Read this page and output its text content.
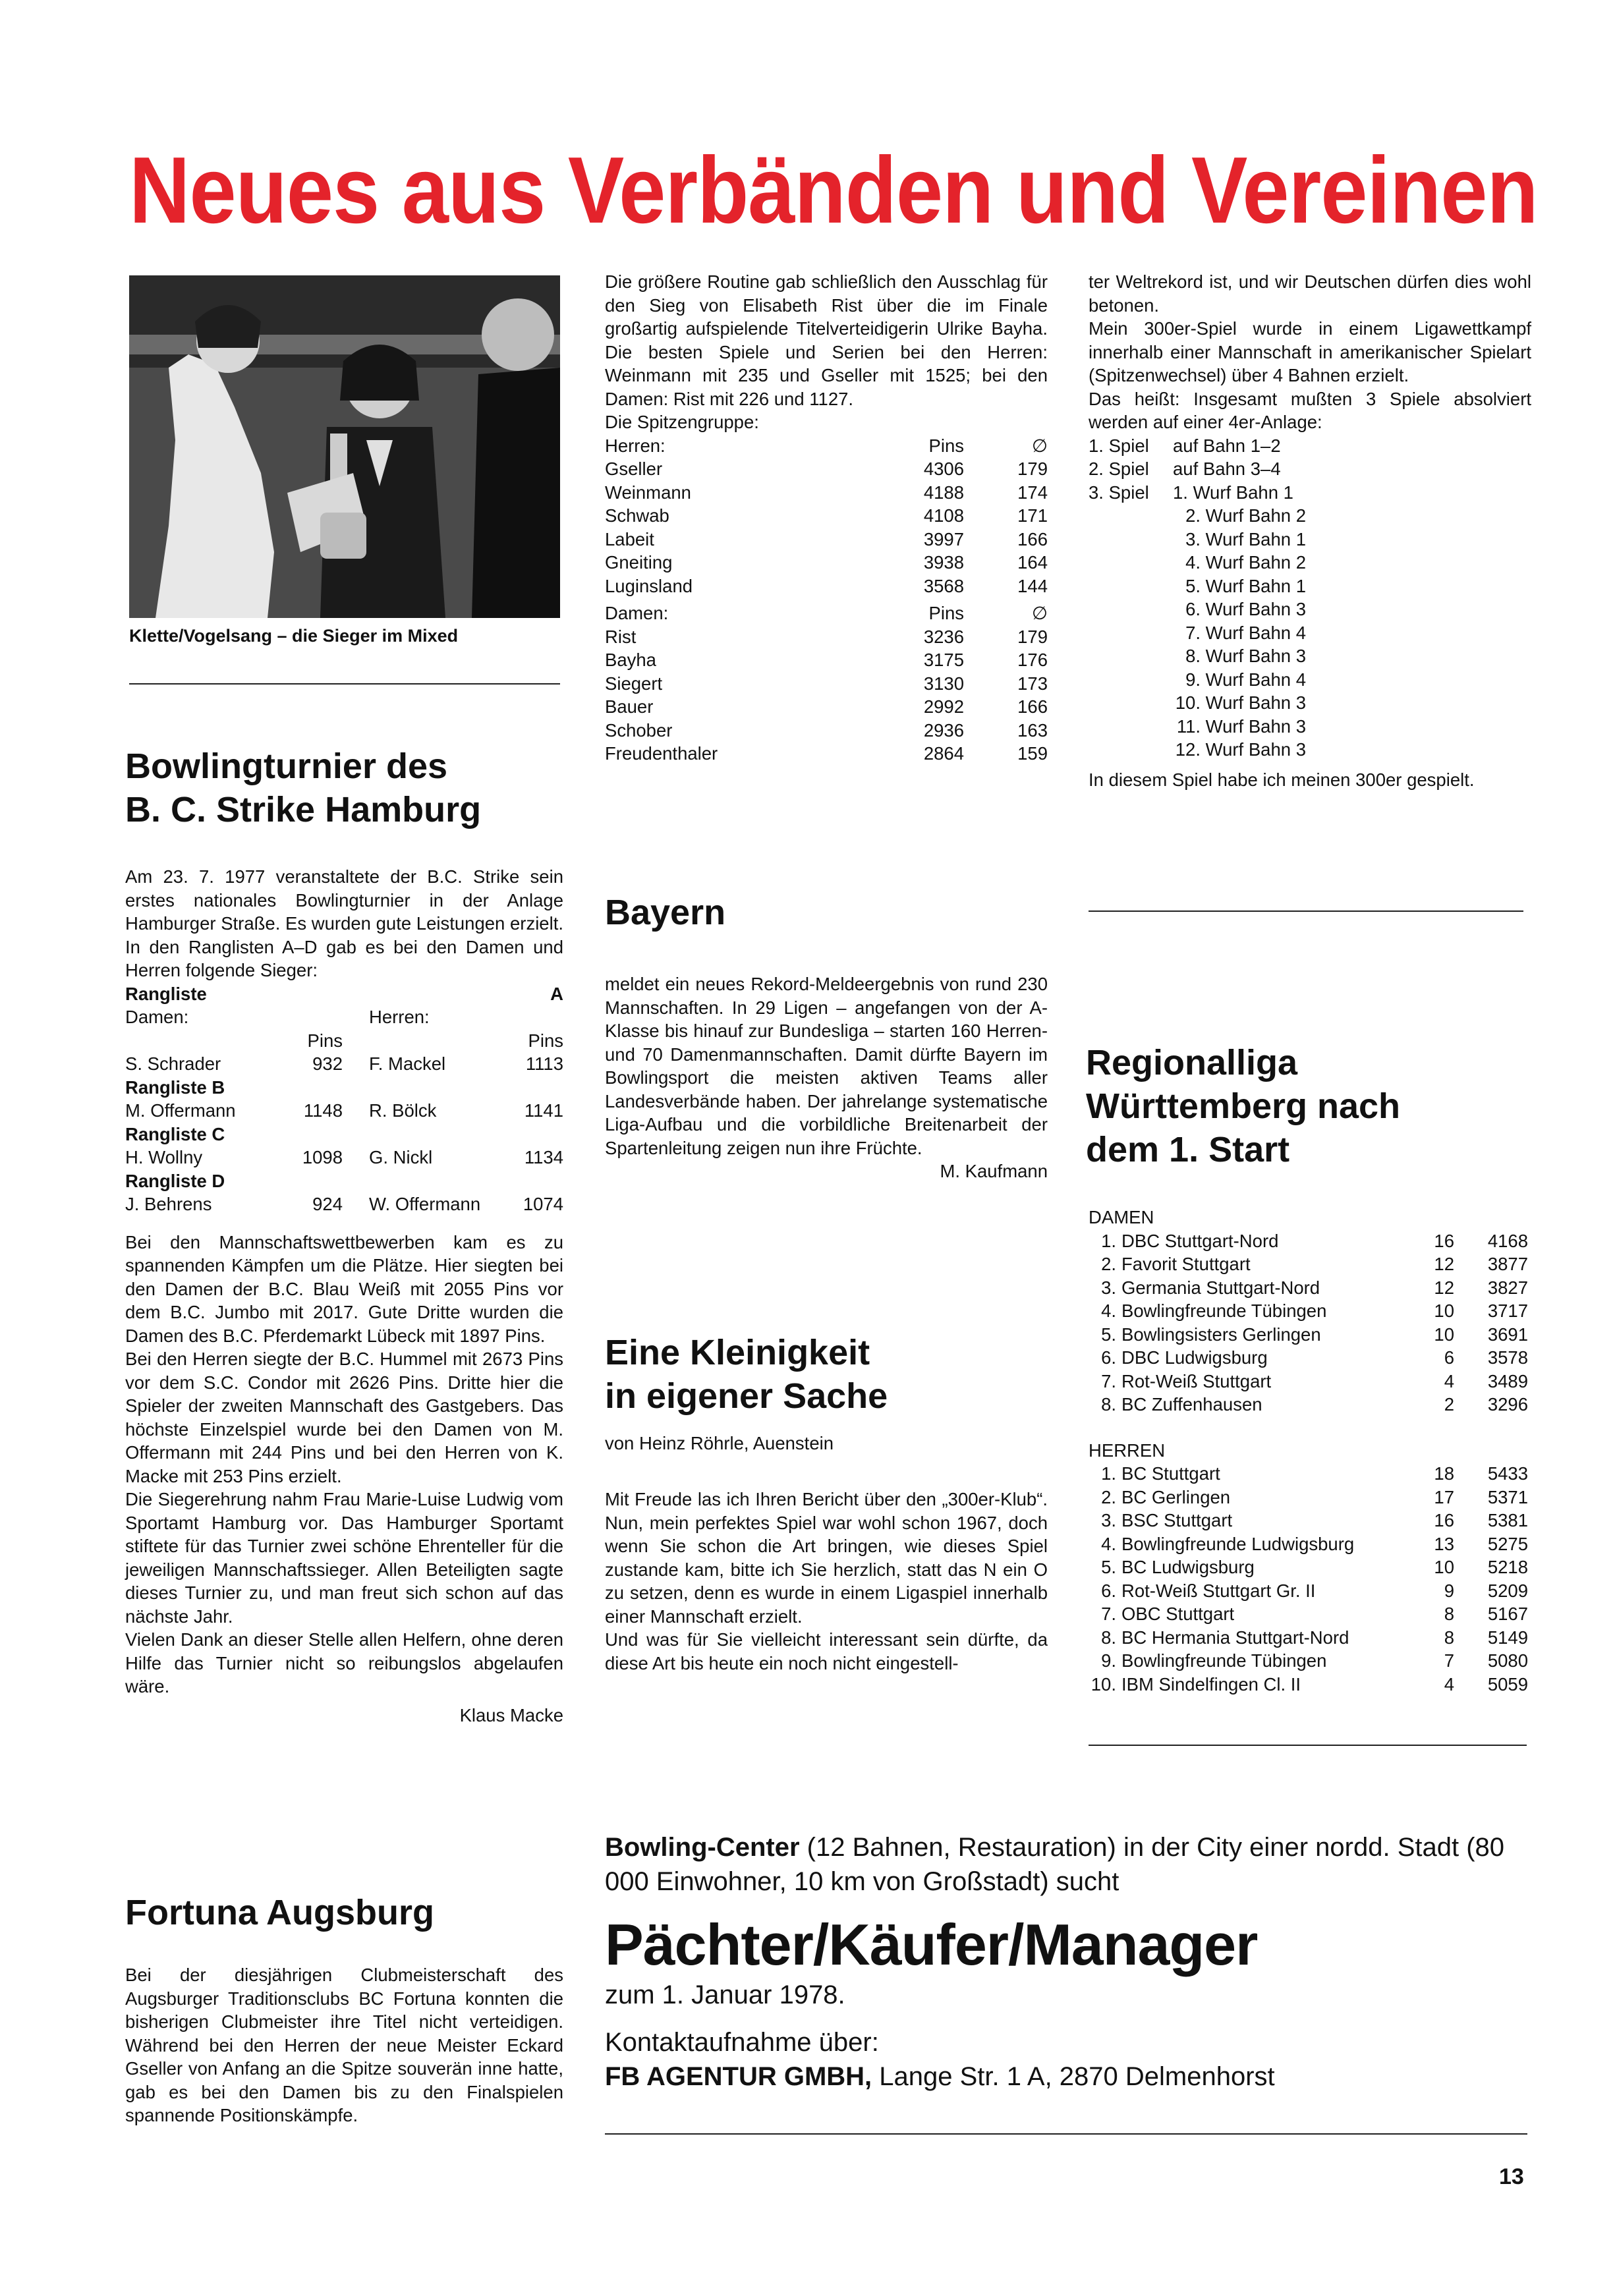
Neues aus Verbänden und Vereinen
Klette/Vogelsang – die Sieger im Mixed
Bowlingturnier des
B. C. Strike Hamburg

Am 23. 7. 1977 veranstaltete der B.C. Strike sein erstes nationales Bowlingturnier in der Anlage Hamburger Straße. Es wurden gute Leistungen erzielt. In den Ranglisten A–D gab es bei den Damen und Herren folgende Sieger:

Rangliste	A
Damen:	Herren:
Pins	Pins
S. Schrader	932 F. Mackel	1113
Rangliste B
M. Offermann	1148 R. Bölck	1141
Rangliste C
H. Wollny	1098 G. Nickl	1134
Rangliste D
J. Behrens	924 W. Offermann	1074

Bei den Mannschaftswettbewerben kam es zu spannenden Kämpfen um die Plätze. Hier siegten bei den Damen der B.C. Blau Weiß mit 2055 Pins vor dem B.C. Jumbo mit 2017. Gute Dritte wurden die Damen des B.C. Pferdemarkt Lübeck mit 1897 Pins.

Bei den Herren siegte der B.C. Hummel mit 2673 Pins vor dem S.C. Condor mit 2626 Pins. Dritte hier die Spieler der zweiten Mannschaft des Gastgebers. Das höchste Einzelspiel wurde bei den Damen von M. Offermann mit 244 Pins und bei den Herren von K. Macke mit 253 Pins erzielt.

Die Siegerehrung nahm Frau Marie-Luise Ludwig vom Sportamt Hamburg vor. Das Hamburger Sportamt stiftete für das Turnier zwei schöne Ehrenteller für die jeweiligen Mannschaftssieger. Allen Beteiligten sagte dieses Turnier zu, und man freut sich schon auf das nächste Jahr.

Vielen Dank an dieser Stelle allen Helfern, ohne deren Hilfe das Turnier nicht so reibungslos abgelaufen wäre.

Klaus Macke

Fortuna Augsburg

Bei der diesjährigen Clubmeisterschaft des Augsburger Traditionsclubs BC Fortuna konnten die bisherigen Clubmeister ihre Titel nicht verteidigen. Während bei den Herren der neue Meister Eckard Gseller von Anfang an die Spitze souverän inne hatte, gab es bei den Damen bis zu den Finalspielen spannende Positionskämpfe.

Die größere Routine gab schließlich den Ausschlag für den Sieg von Elisabeth Rist über die im Finale großartig aufspielende Titelverteidigerin Ulrike Bayha. Die besten Spiele und Serien bei den Herren: Weinmann mit 235 und Gseller mit 1525; bei den Damen: Rist mit 226 und 1127.

Die Spitzengruppe:

Herren:	Pins	∅
Gseller	4306	179
Weinmann	4188	174
Schwab	4108	171
Labeit	3997	166
Gneiting	3938	164
Luginsland	3568	144
Damen:	Pins	∅
Rist	3236	179
Bayha	3175	176
Siegert	3130	173
Bauer	2992	166
Schober	2936	163
Freudenthaler	2864	159
Bayern

meldet ein neues Rekord-Meldeergebnis von rund 230 Mannschaften. In 29 Ligen – angefangen von der A-Klasse bis hinauf zur Bundesliga – starten 160 Herren- und 70 Damenmannschaften. Damit dürfte Bayern im Bowlingsport die meisten aktiven Teams aller Landesverbände haben. Der jahrelange systematische Liga-Aufbau und die vorbildliche Breitenarbeit der Spartenleitung zeigen nun ihre Früchte.

M. Kaufmann

Eine Kleinigkeit
in eigener Sache
von Heinz Röhrle, Auenstein

Mit Freude las ich Ihren Bericht über den „300er-Klub“. Nun, mein perfektes Spiel war wohl schon 1967, doch wenn Sie schon die Art bringen, wie dieses Spiel zustande kam, bitte ich Sie herzlich, statt das N ein O zu setzen, denn es wurde in einem Ligaspiel innerhalb einer Mannschaft erzielt.

Und was für Sie vielleicht interessant sein dürfte, da diese Art bis heute ein noch nicht eingestell-

ter Weltrekord ist, und wir Deutschen dürfen dies wohl betonen.

Mein 300er-Spiel wurde in einem Ligawettkampf innerhalb einer Mannschaft in amerikanischer Spielart (Spitzenwechsel) über 4 Bahnen erzielt.

Das heißt: Insgesamt mußten 3 Spiele absolviert werden auf einer 4er-Anlage:

1. Spiel	auf Bahn 1–2
2. Spiel	auf Bahn 3–4
3. Spiel	1. Wurf Bahn 1
2. Wurf Bahn 2
3. Wurf Bahn 1
4. Wurf Bahn 2
5. Wurf Bahn 1
6. Wurf Bahn 3
7. Wurf Bahn 4
8. Wurf Bahn 3
9. Wurf Bahn 4
10. Wurf Bahn 3
11. Wurf Bahn 3
12. Wurf Bahn 3

In diesem Spiel habe ich meinen 300er gespielt.

Regionalliga
Württemberg nach
dem 1. Start
DAMEN
1. DBC Stuttgart-Nord	16	4168
2. Favorit Stuttgart	12	3877
3. Germania Stuttgart-Nord	12	3827
4. Bowlingfreunde Tübingen	10	3717
5. Bowlingsisters Gerlingen	10	3691
6. DBC Ludwigsburg	6	3578
7. Rot-Weiß Stuttgart	4	3489
8. BC Zuffenhausen	2	3296
HERREN
1. BC Stuttgart	18	5433
2. BC Gerlingen	17	5371
3. BSC Stuttgart	16	5381
4. Bowlingfreunde Ludwigsburg	13	5275
5. BC Ludwigsburg	10	5218
6. Rot-Weiß Stuttgart Gr. II	9	5209
7. OBC Stuttgart	8	5167
8. BC Hermania Stuttgart-Nord	8	5149
9. Bowlingfreunde Tübingen	7	5080
10. IBM Sindelfingen Cl. II	4	5059
Bowling-Center (12 Bahnen, Restauration) in der City einer nordd. Stadt (80 000 Einwohner, 10 km von Großstadt) sucht
Pächter/Käufer/Manager
zum 1. Januar 1978.
Kontaktaufnahme über:
FB AGENTUR GMBH, Lange Str. 1 A, 2870 Delmenhorst
13
